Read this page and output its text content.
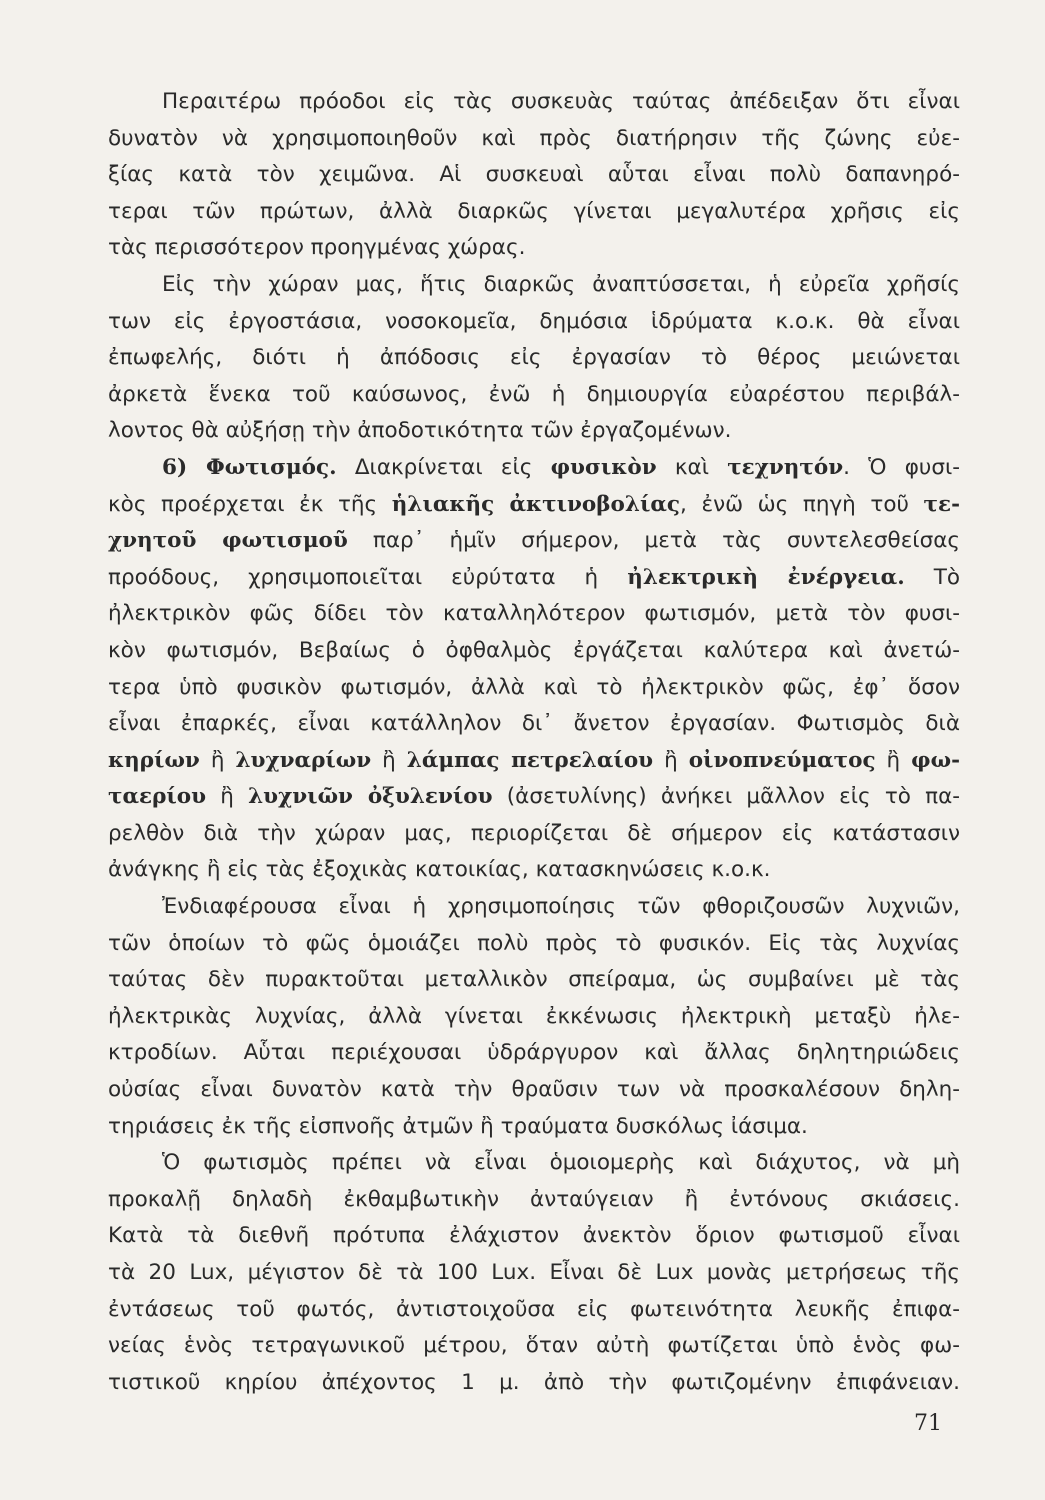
Περαιτέρω πρόοδοι εἰς τὰς συσκευὰς ταύτας ἀπέδειξαν ὅτι εἶναι

δυνατὸν νὰ χρησιμοποιηθοῦν καὶ πρὸς διατήρησιν τῆς ζώνης εὐε-

ξίας κατὰ τὸν χειμῶνα. Αἱ συσκευαὶ αὗται εἶναι πολὺ δαπανηρό-

τεραι τῶν πρώτων, ἀλλὰ διαρκῶς γίνεται μεγαλυτέρα χρῆσις εἰς

τὰς περισσότερον προηγμένας χώρας.

Εἰς τὴν χώραν μας, ἥτις διαρκῶς ἀναπτύσσεται, ἡ εὐρεῖα χρῆσίς

των εἰς ἐργοστάσια, νοσοκομεῖα, δημόσια ἱδρύματα κ.ο.κ. θὰ εἶναι

ἐπωφελής, διότι ἡ ἀπόδοσις εἰς ἐργασίαν τὸ θέρος μειώνεται

ἀρκετὰ ἕνεκα τοῦ καύσωνος, ἐνῶ ἡ δημιουργία εὐαρέστου περιβάλ-

λοντος θὰ αὐξήσῃ τὴν ἀποδοτικότητα τῶν ἐργαζομένων.

6) Φωτισμός. Διακρίνεται εἰς φυσικὸν καὶ τεχνητόν. Ὁ φυσι-

κὸς προέρχεται ἐκ τῆς ἡλιακῆς ἀκτινοβολίας, ἐνῶ ὡς πηγὴ τοῦ τε-

χνητοῦ φωτισμοῦ παρ᾽ ἡμῖν σήμερον, μετὰ τὰς συντελεσθείσας

προόδους, χρησιμοποιεῖται εὐρύτατα ἡ ἠλεκτρικὴ ἐνέργεια. Τὸ

ἠλεκτρικὸν φῶς δίδει τὸν καταλληλότερον φωτισμόν, μετὰ τὸν φυσι-

κὸν φωτισμόν, Βεβαίως ὁ ὀφθαλμὸς ἐργάζεται καλύτερα καὶ ἀνετώ-

τερα ὑπὸ φυσικὸν φωτισμόν, ἀλλὰ καὶ τὸ ἠλεκτρικὸν φῶς, ἐφ᾽ ὅσον

εἶναι ἐπαρκές, εἶναι κατάλληλον δι᾽ ἄνετον ἐργασίαν. Φωτισμὸς διὰ

κηρίων ἢ λυχναρίων ἢ λάμπας πετρελαίου ἢ οἰνοπνεύματος ἢ φω-

ταερίου ἢ λυχνιῶν ὀξυλενίου (ἀσετυλίνης) ἀνήκει μᾶλλον εἰς τὸ πα-

ρελθὸν διὰ τὴν χώραν μας, περιορίζεται δὲ σήμερον εἰς κατάστασιν

ἀνάγκης ἢ εἰς τὰς ἐξοχικὰς κατοικίας, κατασκηνώσεις κ.ο.κ.

Ἐνδιαφέρουσα εἶναι ἡ χρησιμοποίησις τῶν φθοριζουσῶν λυχνιῶν,

τῶν ὁποίων τὸ φῶς ὁμοιάζει πολὺ πρὸς τὸ φυσικόν. Εἰς τὰς λυχνίας

ταύτας δὲν πυρακτοῦται μεταλλικὸν σπείραμα, ὡς συμβαίνει μὲ τὰς

ἠλεκτρικὰς λυχνίας, ἀλλὰ γίνεται ἐκκένωσις ἠλεκτρικὴ μεταξὺ ἠλε-

κτροδίων. Αὗται περιέχουσαι ὑδράργυρον καὶ ἄλλας δηλητηριώδεις

οὐσίας εἶναι δυνατὸν κατὰ τὴν θραῦσιν των νὰ προσκαλέσουν δηλη-

τηριάσεις ἐκ τῆς εἰσπνοῆς ἀτμῶν ἢ τραύματα δυσκόλως ἰάσιμα.

Ὁ φωτισμὸς πρέπει νὰ εἶναι ὁμοιομερὴς καὶ διάχυτος, νὰ μὴ

προκαλῇ δηλαδὴ ἐκθαμβωτικὴν ἀνταύγειαν ἢ ἐντόνους σκιάσεις.

Κατὰ τὰ διεθνῆ πρότυπα ἐλάχιστον ἀνεκτὸν ὅριον φωτισμοῦ εἶναι

τὰ 20 Lux, μέγιστον δὲ τὰ 100 Lux. Εἶναι δὲ Lux μονὰς μετρήσεως τῆς

ἐντάσεως τοῦ φωτός, ἀντιστοιχοῦσα εἰς φωτεινότητα λευκῆς ἐπιφα-

νείας ἑνὸς τετραγωνικοῦ μέτρου, ὅταν αὐτὴ φωτίζεται ὑπὸ ἑνὸς φω-

τιστικοῦ κηρίου ἀπέχοντος 1 μ. ἀπὸ τὴν φωτιζομένην ἐπιφάνειαν.

71
